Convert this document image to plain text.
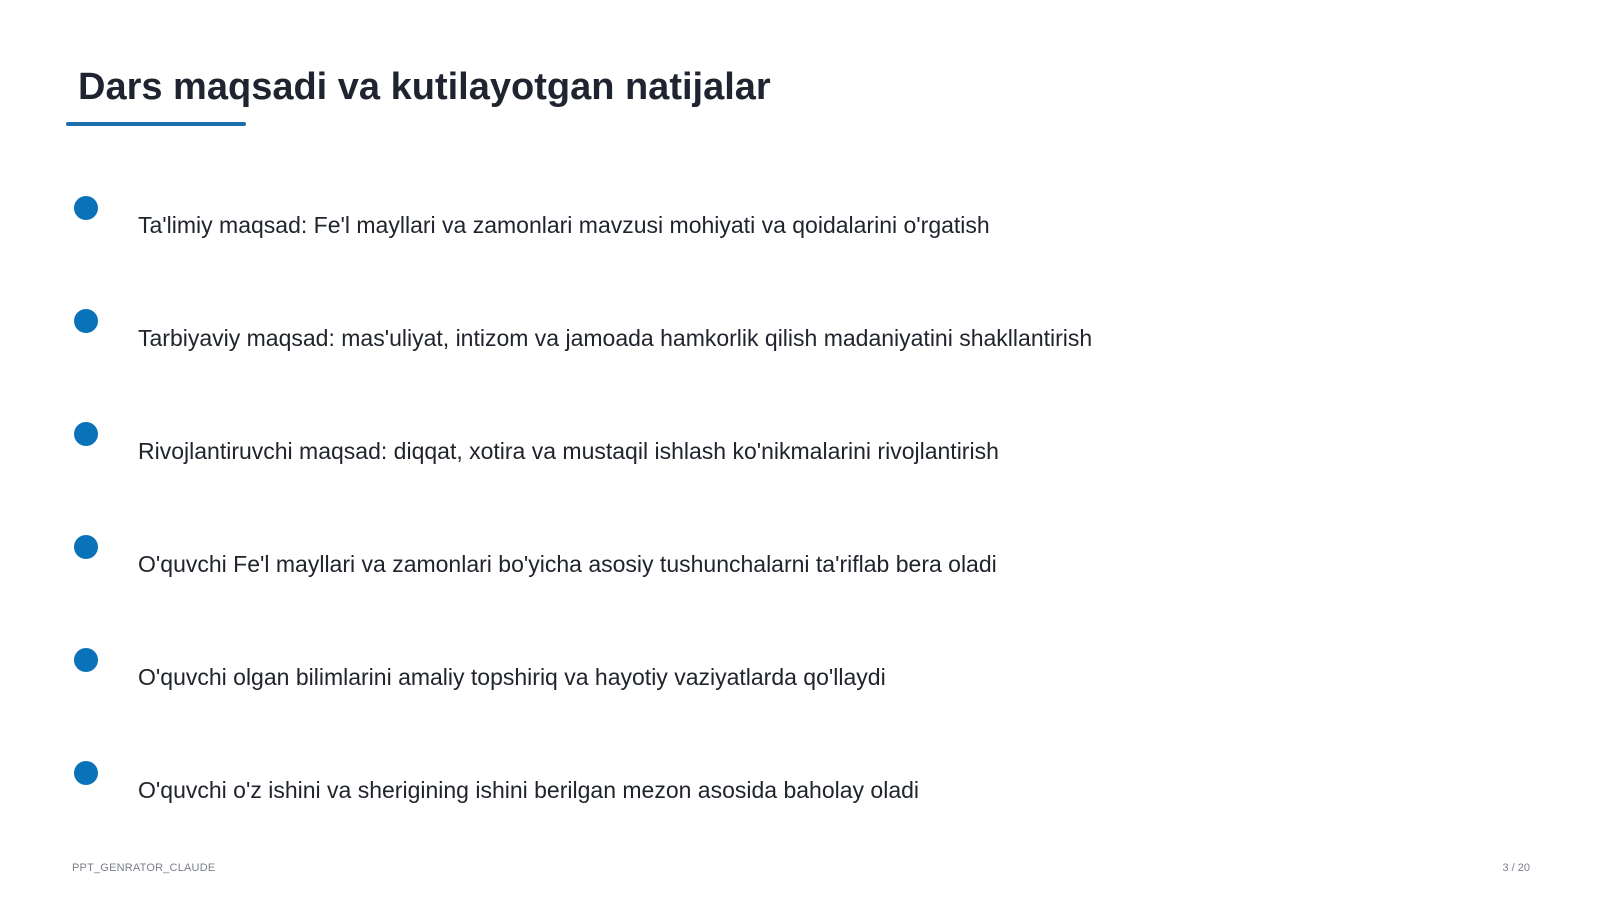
Dars maqsadi va kutilayotgan natijalar
Ta'limiy maqsad: Fe'l mayllari va zamonlari mavzusi mohiyati va qoidalarini o'rgatish
Tarbiyaviy maqsad: mas'uliyat, intizom va jamoada hamkorlik qilish madaniyatini shakllantirish
Rivojlantiruvchi maqsad: diqqat, xotira va mustaqil ishlash ko'nikmalarini rivojlantirish
O'quvchi Fe'l mayllari va zamonlari bo'yicha asosiy tushunchalarni ta'riflab bera oladi
O'quvchi olgan bilimlarini amaliy topshiriq va hayotiy vaziyatlarda qo'llaydi
O'quvchi o'z ishini va sherigining ishini berilgan mezon asosida baholay oladi
PPT_GENRATOR_CLAUDE	3 / 20
